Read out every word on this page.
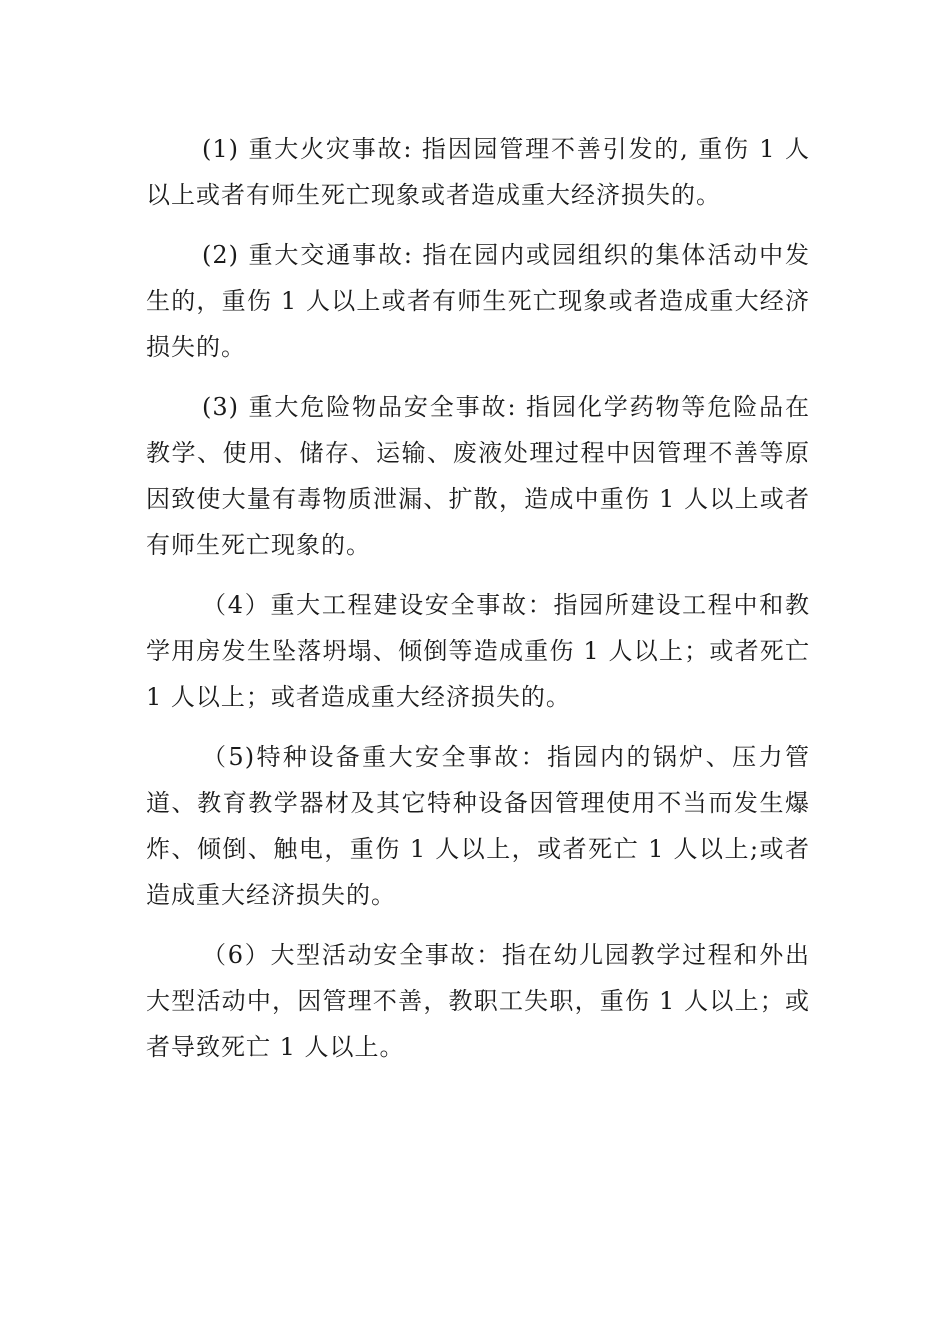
(1) 重大火灾事故: 指因园管理不善引发的, 重伤 1 人以上或者有师生死亡现象或者造成重大经济损失的。

(2) 重大交通事故: 指在园内或园组织的集体活动中发生的，重伤 1 人以上或者有师生死亡现象或者造成重大经济损失的。

(3) 重大危险物品安全事故: 指园化学药物等危险品在教学、使用、储存、运输、废液处理过程中因管理不善等原因致使大量有毒物质泄漏、扩散，造成中重伤 1 人以上或者有师生死亡现象的。

（4）重大工程建设安全事故：指园所建设工程中和教学用房发生坠落坍塌、倾倒等造成重伤 1 人以上；或者死亡 1 人以上；或者造成重大经济损失的。

（5)特种设备重大安全事故：指园内的锅炉、压力管道、教育教学器材及其它特种设备因管理使用不当而发生爆炸、倾倒、触电，重伤 1 人以上，或者死亡 1 人以上;或者造成重大经济损失的。

（6）大型活动安全事故：指在幼儿园教学过程和外出大型活动中，因管理不善，教职工失职，重伤 1 人以上；或者导致死亡 1 人以上。
